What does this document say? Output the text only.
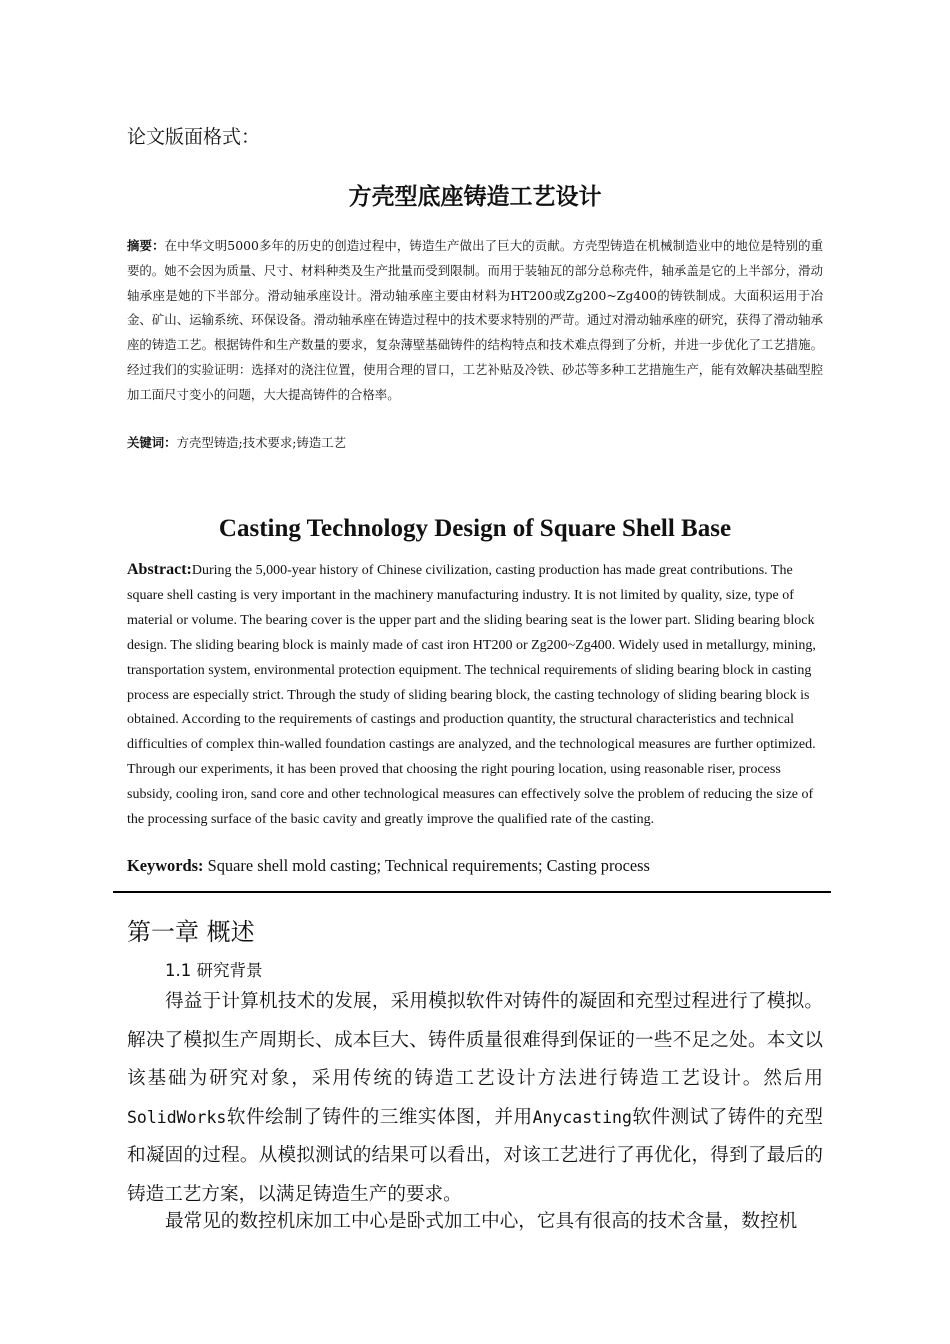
论文版面格式：
方壳型底座铸造工艺设计
摘要：在中华文明5000多年的历史的创造过程中，铸造生产做出了巨大的贡献。方壳型铸造在机械制造业中的地位是特别的重要的。她不会因为质量、尺寸、材料种类及生产批量而受到限制。而用于装轴瓦的部分总称壳件，轴承盖是它的上半部分，滑动轴承座是她的下半部分。滑动轴承座设计。滑动轴承座主要由材料为HT200或Zg200~Zg400的铸铁制成。大面积运用于冶金、矿山、运输系统、环保设备。滑动轴承座在铸造过程中的技术要求特别的严苛。通过对滑动轴承座的研究，获得了滑动轴承座的铸造工艺。根据铸件和生产数量的要求，复杂薄壁基础铸件的结构特点和技术难点得到了分析，并进一步优化了工艺措施。经过我们的实验证明：选择对的浇注位置，使用合理的冒口，工艺补贴及冷铁、砂芯等多种工艺措施生产，能有效解决基础型腔加工面尺寸变小的问题，大大提高铸件的合格率。
关键词：方壳型铸造;技术要求;铸造工艺
Casting Technology Design of Square Shell Base
Abstract:During the 5,000-year history of Chinese civilization, casting production has made great contributions. The square shell casting is very important in the machinery manufacturing industry. It is not limited by quality, size, type of material or volume. The bearing cover is the upper part and the sliding bearing seat is the lower part. Sliding bearing block design. The sliding bearing block is mainly made of cast iron HT200 or Zg200~Zg400. Widely used in metallurgy, mining, transportation system, environmental protection equipment. The technical requirements of sliding bearing block in casting process are especially strict. Through the study of sliding bearing block, the casting technology of sliding bearing block is obtained. According to the requirements of castings and production quantity, the structural characteristics and technical difficulties of complex thin-walled foundation castings are analyzed, and the technological measures are further optimized. Through our experiments, it has been proved that choosing the right pouring location, using reasonable riser, process subsidy, cooling iron, sand core and other technological measures can effectively solve the problem of reducing the size of the processing surface of the basic cavity and greatly improve the qualified rate of the casting.
Keywords: Square shell mold casting; Technical requirements; Casting process
第一章 概述
1.1 研究背景
得益于计算机技术的发展，采用模拟软件对铸件的凝固和充型过程进行了模拟。解决了模拟生产周期长、成本巨大、铸件质量很难得到保证的一些不足之处。本文以该基础为研究对象，采用传统的铸造工艺设计方法进行铸造工艺设计。然后用SolidWorks软件绘制了铸件的三维实体图，并用Anycasting软件测试了铸件的充型和凝固的过程。从模拟测试的结果可以看出，对该工艺进行了再优化，得到了最后的铸造工艺方案，以满足铸造生产的要求。
最常见的数控机床加工中心是卧式加工中心，它具有很高的技术含量，数控机
